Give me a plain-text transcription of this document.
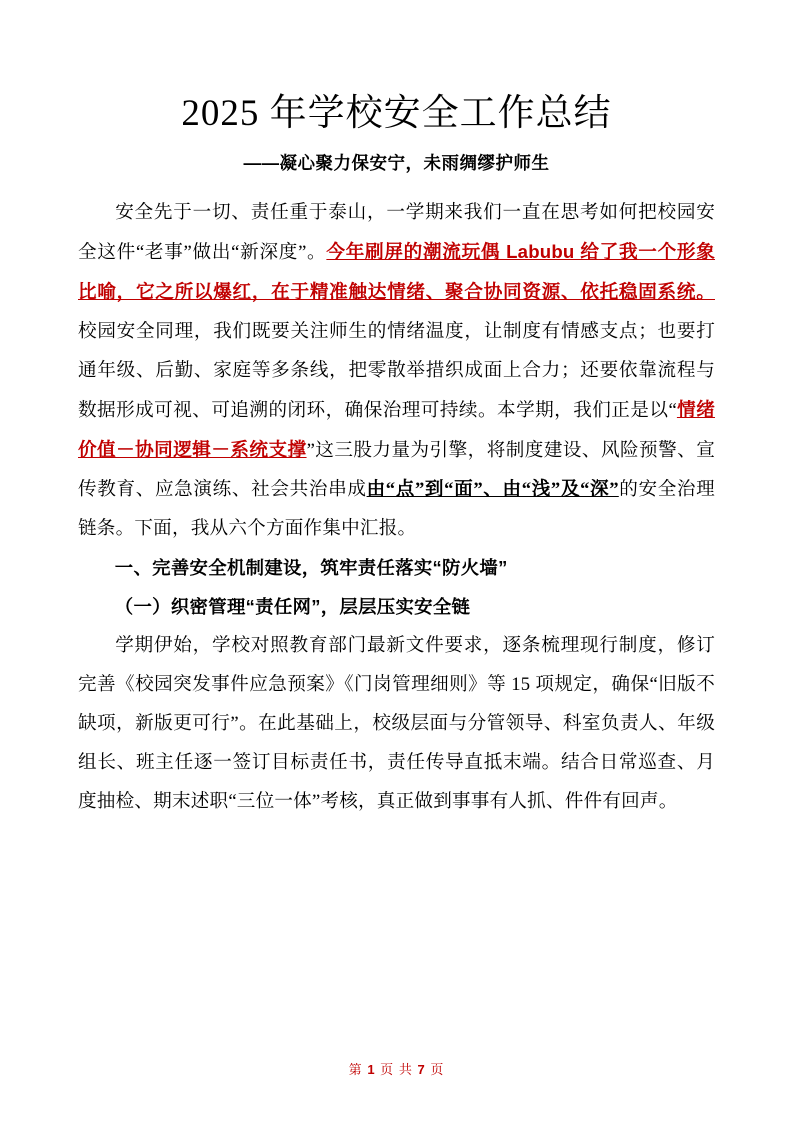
2025 年学校安全工作总结
——凝心聚力保安宁，未雨绸缪护师生

安全先于一切、责任重于泰山，一学期来我们一直在思考如何把校园安全这件“老事”做出“新深度”。今年刷屏的潮流玩偶 Labubu 给了我一个形象比喻，它之所以爆红，在于精准触达情绪、聚合协同资源、依托稳固系统。校园安全同理，我们既要关注师生的情绪温度，让制度有情感支点；也要打通年级、后勤、家庭等多条线，把零散举措织成面上合力；还要依靠流程与数据形成可视、可追溯的闭环，确保治理可持续。本学期，我们正是以“情绪价值－协同逻辑－系统支撑”这三股力量为引擎，将制度建设、风险预警、宣传教育、应急演练、社会共治串成由“点”到“面”、由“浅”及“深”的安全治理链条。下面，我从六个方面作集中汇报。

一、完善安全机制建设，筑牢责任落实“防火墙”

（一）织密管理“责任网”，层层压实安全链

学期伊始，学校对照教育部门最新文件要求，逐条梳理现行制度，修订完善《校园突发事件应急预案》《门岗管理细则》等 15 项规定，确保“旧版不缺项，新版更可行”。在此基础上，校级层面与分管领导、科室负责人、年级组长、班主任逐一签订目标责任书，责任传导直抵末端。结合日常巡查、月度抽检、期末述职“三位一体”考核，真正做到事事有人抓、件件有回声。

第 1 页 共 7 页
